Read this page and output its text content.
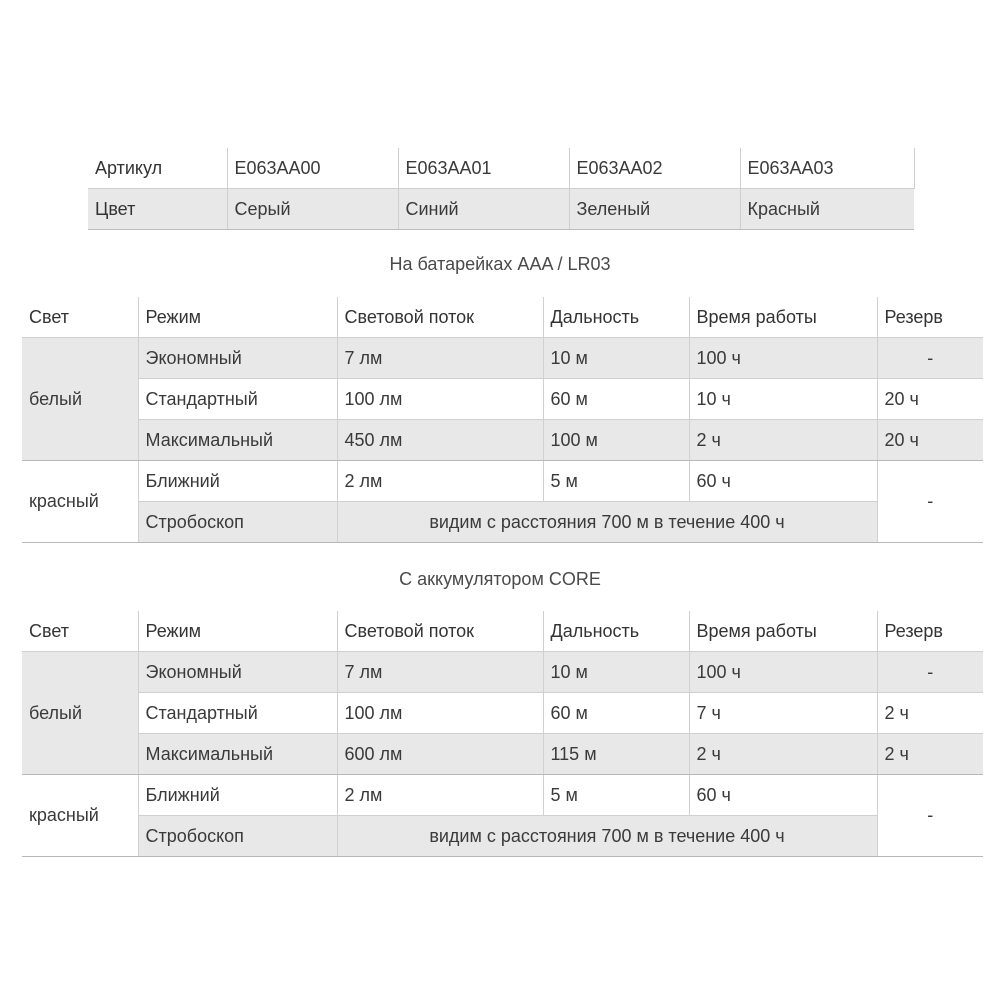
Артикул	E063AA00	E063AA01	E063AA02	E063AA03
Цвет	Серый	Синий	Зеленый	Красный
На батарейках AAA / LR03
Свет	Режим	Световой поток	Дальность	Время работы	Резерв
белый	Экономный	7 лм	10 м	100 ч	-
	Стандартный	100 лм	60 м	10 ч	20 ч
	Максимальный	450 лм	100 м	2 ч	20 ч
красный	Ближний	2 лм	5 м	60 ч	-
	Стробоскоп	видим с расстояния 700 м в течение 400 ч			
С аккумулятором CORE
Свет	Режим	Световой поток	Дальность	Время работы	Резерв
белый	Экономный	7 лм	10 м	100 ч	-
	Стандартный	100 лм	60 м	7 ч	2 ч
	Максимальный	600 лм	115 м	2 ч	2 ч
красный	Ближний	2 лм	5 м	60 ч	-
	Стробоскоп	видим с расстояния 700 м в течение 400 ч			
